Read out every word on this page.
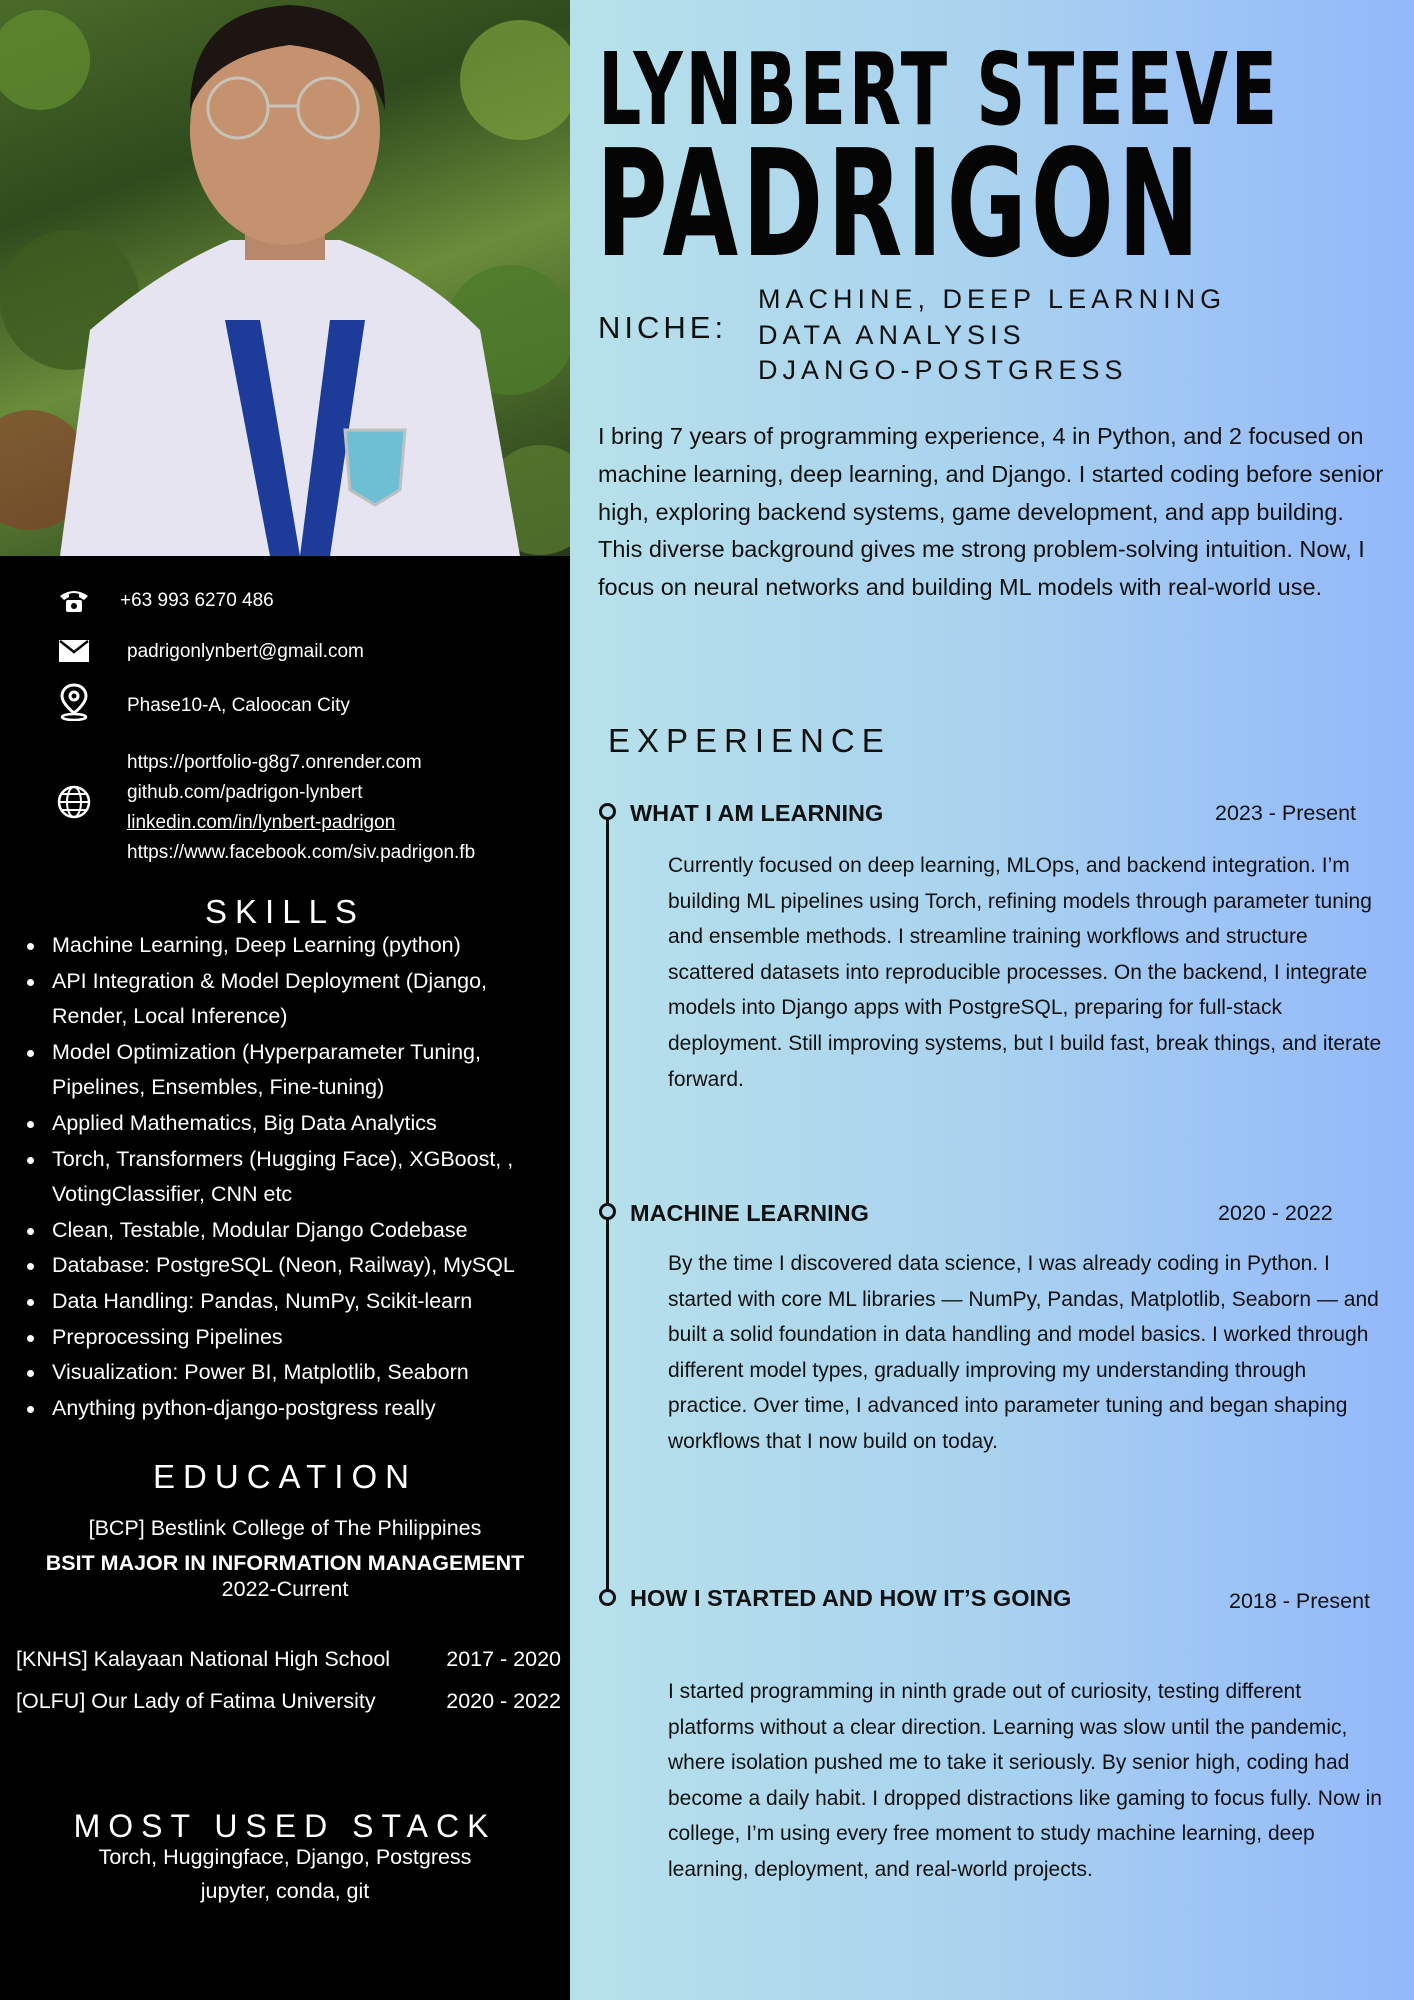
+63 993 6270 486
padrigonlynbert@gmail.com
Phase10-A, Caloocan City
https://portfolio-g8g7.onrender.com
github.com/padrigon-lynbert
linkedin.com/in/lynbert-padrigon
https://www.facebook.com/siv.padrigon.fb
SKILLS
Machine Learning, Deep Learning (python)
API Integration & Model Deployment (Django, Render, Local Inference)
Model Optimization (Hyperparameter Tuning, Pipelines, Ensembles, Fine-tuning)
Applied Mathematics, Big Data Analytics
Torch, Transformers (Hugging Face), XGBoost, , VotingClassifier, CNN etc
Clean, Testable, Modular Django Codebase
Database: PostgreSQL (Neon, Railway), MySQL
Data Handling: Pandas, NumPy, Scikit-learn
Preprocessing Pipelines
Visualization: Power BI, Matplotlib, Seaborn
Anything python-django-postgress really
EDUCATION
[BCP] Bestlink College of The Philippines
BSIT MAJOR IN INFORMATION MANAGEMENT
2022-Current
[KNHS] Kalayaan National High School	2017 - 2020
[OLFU] Our Lady of Fatima University	2020 - 2022
MOST USED STACK
Torch, Huggingface, Django, Postgress
jupyter, conda, git
LYNBERT STEEVE
PADRIGON
NICHE:
MACHINE, DEEP LEARNING
DATA ANALYSIS
DJANGO-POSTGRESS

I bring 7 years of programming experience, 4 in Python, and 2 focused on machine learning, deep learning, and Django. I started coding before senior high, exploring backend systems, game development, and app building. This diverse background gives me strong problem-solving intuition. Now, I focus on neural networks and building ML models with real-world use.

EXPERIENCE
WHAT I AM LEARNING	2023 - Present

Currently focused on deep learning, MLOps, and backend integration. I’m building ML pipelines using Torch, refining models through parameter tuning and ensemble methods. I streamline training workflows and structure scattered datasets into reproducible processes. On the backend, I integrate models into Django apps with PostgreSQL, preparing for full-stack deployment. Still improving systems, but I build fast, break things, and iterate forward.

MACHINE LEARNING	2020 - 2022

By the time I discovered data science, I was already coding in Python. I started with core ML libraries — NumPy, Pandas, Matplotlib, Seaborn — and built a solid foundation in data handling and model basics. I worked through different model types, gradually improving my understanding through practice. Over time, I advanced into parameter tuning and began shaping workflows that I now build on today.

HOW I STARTED AND HOW IT’S GOING	2018 - Present

I started programming in ninth grade out of curiosity, testing different platforms without a clear direction. Learning was slow until the pandemic, where isolation pushed me to take it seriously. By senior high, coding had become a daily habit. I dropped distractions like gaming to focus fully. Now in college, I’m using every free moment to study machine learning, deep learning, deployment, and real-world projects.
